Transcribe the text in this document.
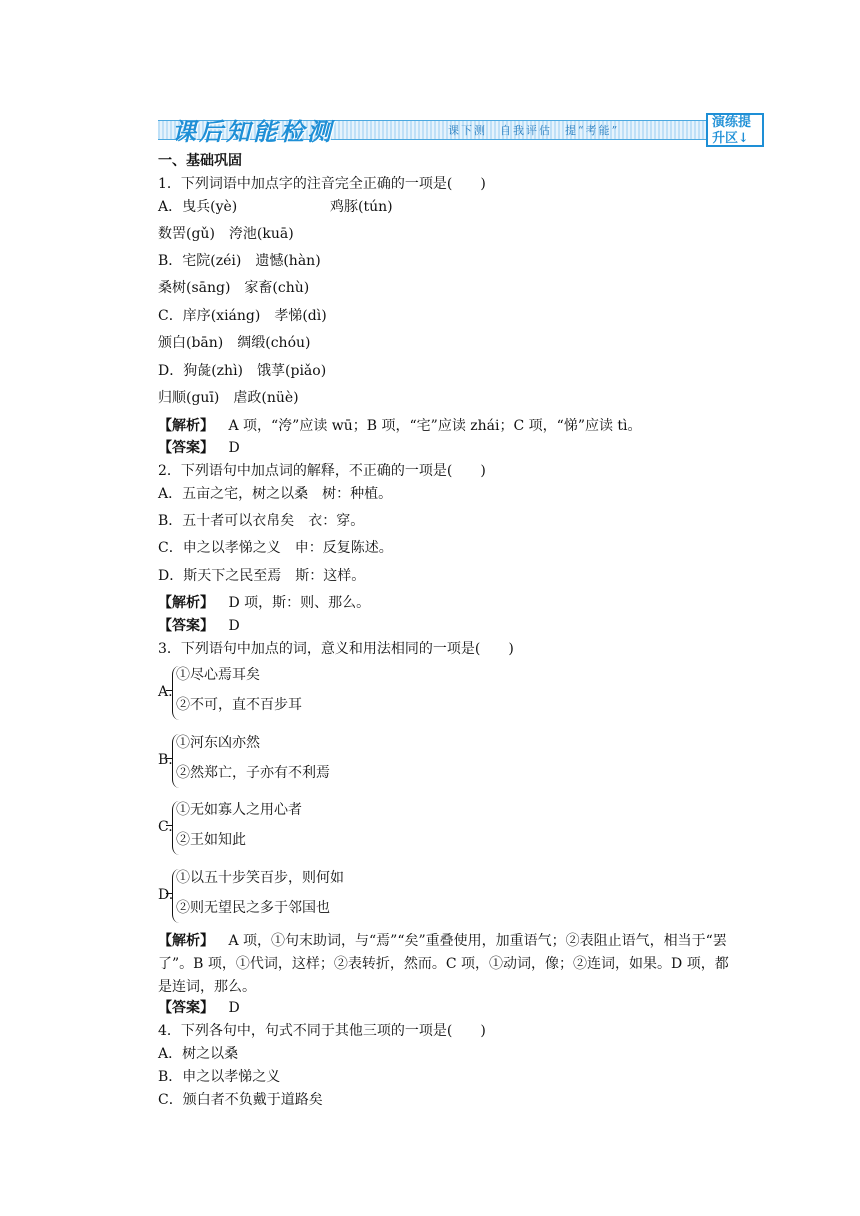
课后知能检测	课下测　自我评估　提“考能”
演练提
升区↓
一、基础巩固
1．下列词语中加点字的注音完全正确的一项是(　　)
A．曳兵(yè)	鸡豚(tún)
数罟(gǔ)　洿池(kuā)
B．宅院(zéi)　遗憾(hàn)
桑树(sāng)　家畜(chù)
C．庠序(xiáng)　孝悌(dì)
颁白(bān)　绸缎(chóu)
D．狗彘(zhì)　饿莩(piǎo)
归顺(guī)　虐政(nüè)
【解析】 A 项，“洿”应读 wū；B 项，“宅”应读 zhái；C 项，“悌”应读 tì。
【答案】 D
2．下列语句中加点词的解释，不正确的一项是(　　)
A．五亩之宅，树之以桑　树：种植。
B．五十者可以衣帛矣　衣：穿。
C．申之以孝悌之义　申：反复陈述。
D．斯天下之民至焉　斯：这样。
【解析】 D 项，斯：则、那么。
【答案】 D
3．下列语句中加点的词，意义和用法相同的一项是(　　)
A.
①尽心焉耳矣
②不可，直不百步耳
B.
①河东凶亦然
②然郑亡，子亦有不利焉
C.
①无如寡人之用心者
②王如知此
D.
①以五十步笑百步，则何如
②则无望民之多于邻国也
【解析】 A 项，①句末助词，与“焉”“矣”重叠使用，加重语气；②表阻止语气，相当于“罢了”。B 项，①代词，这样；②表转折，然而。C 项，①动词，像；②连词，如果。D 项，都是连词，那么。
【答案】 D
4．下列各句中，句式不同于其他三项的一项是(　　)
A．树之以桑
B．申之以孝悌之义
C．颁白者不负戴于道路矣
